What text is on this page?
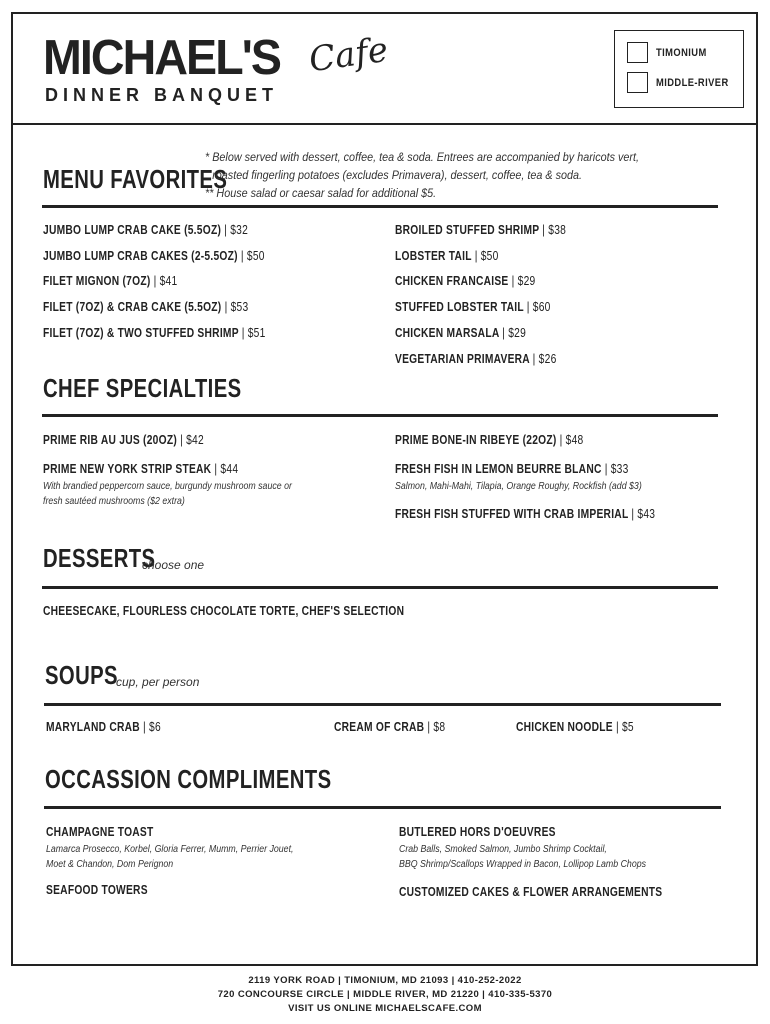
MICHAEL'S Cafe
DINNER BANQUET
TIMONIUM
MIDDLE-RIVER
MENU FAVORITES
* Below served with dessert, coffee, tea & soda. Entrees are accompanied by haricots vert,
roasted fingerling potatoes (excludes Primavera), dessert, coffee, tea & soda.
** House salad or caesar salad for additional $5.
JUMBO LUMP CRAB CAKE (5.5OZ) | $32
JUMBO LUMP CRAB CAKES (2-5.5OZ) | $50
FILET MIGNON (7OZ) | $41
FILET (7OZ) & CRAB CAKE (5.5OZ) | $53
FILET (7OZ) & TWO STUFFED SHRIMP | $51
BROILED STUFFED SHRIMP | $38
LOBSTER TAIL | $50
CHICKEN FRANCAISE | $29
STUFFED LOBSTER TAIL | $60
CHICKEN MARSALA | $29
VEGETARIAN PRIMAVERA | $26
CHEF SPECIALTIES
PRIME RIB AU JUS (20OZ) | $42
PRIME NEW YORK STRIP STEAK | $44
With brandied peppercorn sauce, burgundy mushroom sauce or
fresh sautéed mushrooms ($2 extra)
PRIME BONE-IN RIBEYE (22OZ) | $48
FRESH FISH IN LEMON BEURRE BLANC | $33
Salmon, Mahi-Mahi, Tilapia, Orange Roughy, Rockfish (add $3)
FRESH FISH STUFFED WITH CRAB IMPERIAL | $43
DESSERTS
choose one
CHEESECAKE, FLOURLESS CHOCOLATE TORTE, CHEF'S SELECTION
SOUPS
cup, per person
MARYLAND CRAB | $6	CREAM OF CRAB | $8	CHICKEN NOODLE | $5
OCCASSION COMPLIMENTS
CHAMPAGNE TOAST
Lamarca Prosecco, Korbel, Gloria Ferrer, Mumm, Perrier Jouet,
Moet & Chandon, Dom Perignon
SEAFOOD TOWERS
BUTLERED HORS D'OEUVRES
Crab Balls, Smoked Salmon, Jumbo Shrimp Cocktail,
BBQ Shrimp/Scallops Wrapped in Bacon, Lollipop Lamb Chops
CUSTOMIZED CAKES & FLOWER ARRANGEMENTS
2119 YORK ROAD | TIMONIUM, MD 21093 | 410-252-2022
720 CONCOURSE CIRCLE | MIDDLE RIVER, MD 21220 | 410-335-5370
VISIT US ONLINE MICHAELSCAFE.COM
